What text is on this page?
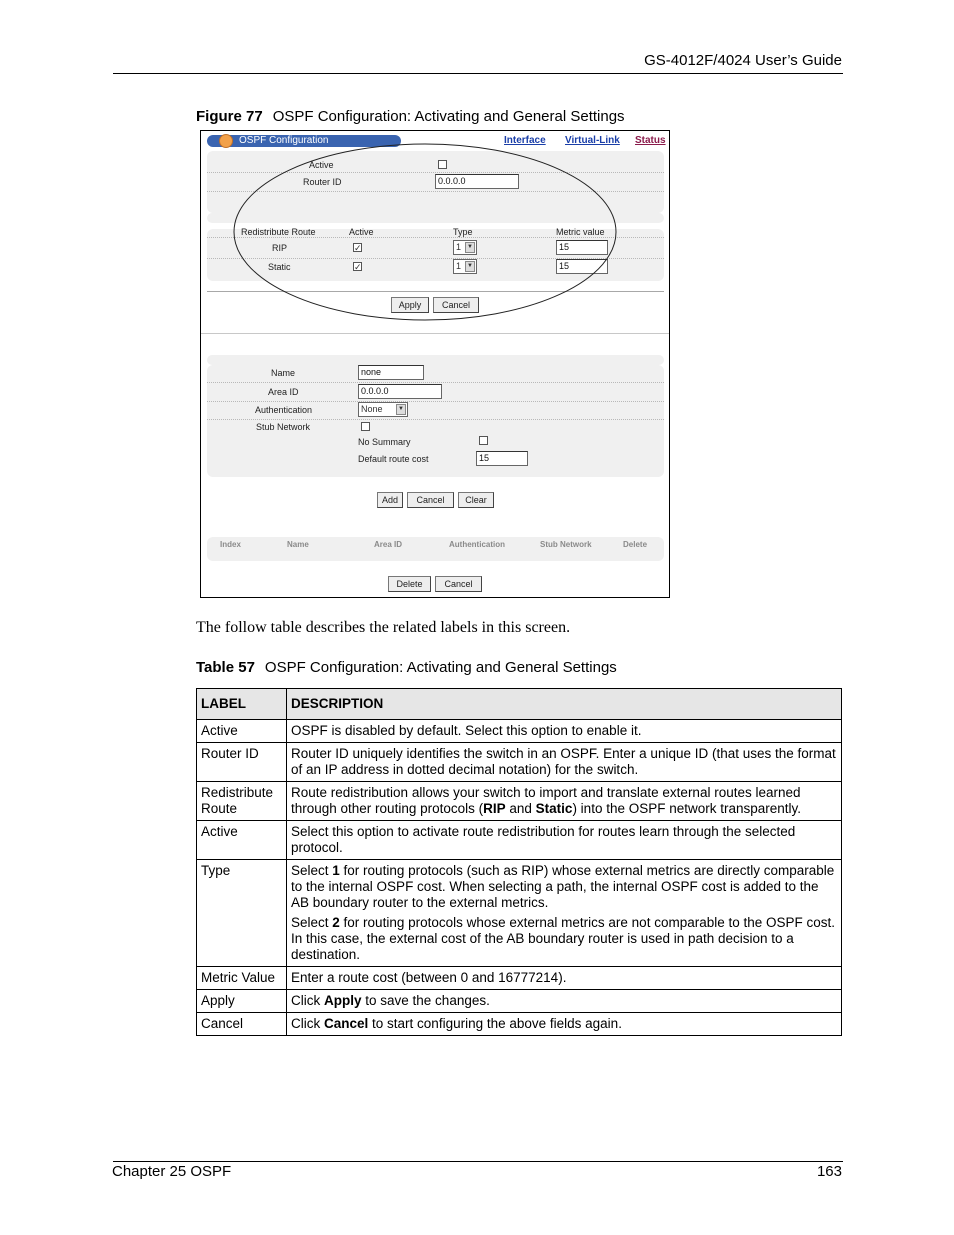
GS-4012F/4024 User’s Guide
Figure 77 OSPF Configuration: Activating and General Settings
OSPF Configuration	Interface Virtual-Link Status
Active
Router ID	0.0.0.0
Redistribute Route	Active	Type	Metric value
RIP	✓	1	▼	15
Static	✓	1	▼	15
Apply	Cancel
Name	none
Area ID	0.0.0.0
Authentication	None	▼
Stub Network
No Summary
Default route cost	15
Add	Cancel	Clear
Index	Name	Area ID	Authentication	Stub Network	Delete
Delete	Cancel
The follow table describes the related labels in this screen.
Table 57 OSPF Configuration: Activating and General Settings
LABEL	DESCRIPTION
Active	OSPF is disabled by default. Select this option to enable it.
Router ID	Router ID uniquely identifies the switch in an OSPF. Enter a unique ID (that uses the format of an IP address in dotted decimal notation) for the switch.
Redistribute Route	Route redistribution allows your switch to import and translate external routes learned through other routing protocols (RIP and Static) into the OSPF network transparently.
Active	Select this option to activate route redistribution for routes learn through the selected protocol.
Type	Select 1 for routing protocols (such as RIP) whose external metrics are directly comparable to the internal OSPF cost. When selecting a path, the internal OSPF cost is added to the AB boundary router to the external metrics.

Select 2 for routing protocols whose external metrics are not comparable to the OSPF cost. In this case, the external cost of the AB boundary router is used in path decision to a destination.

Metric Value	Enter a route cost (between 0 and 16777214).
Apply	Click Apply to save the changes.
Cancel	Click Cancel to start configuring the above fields again.
Chapter 25 OSPF	163
